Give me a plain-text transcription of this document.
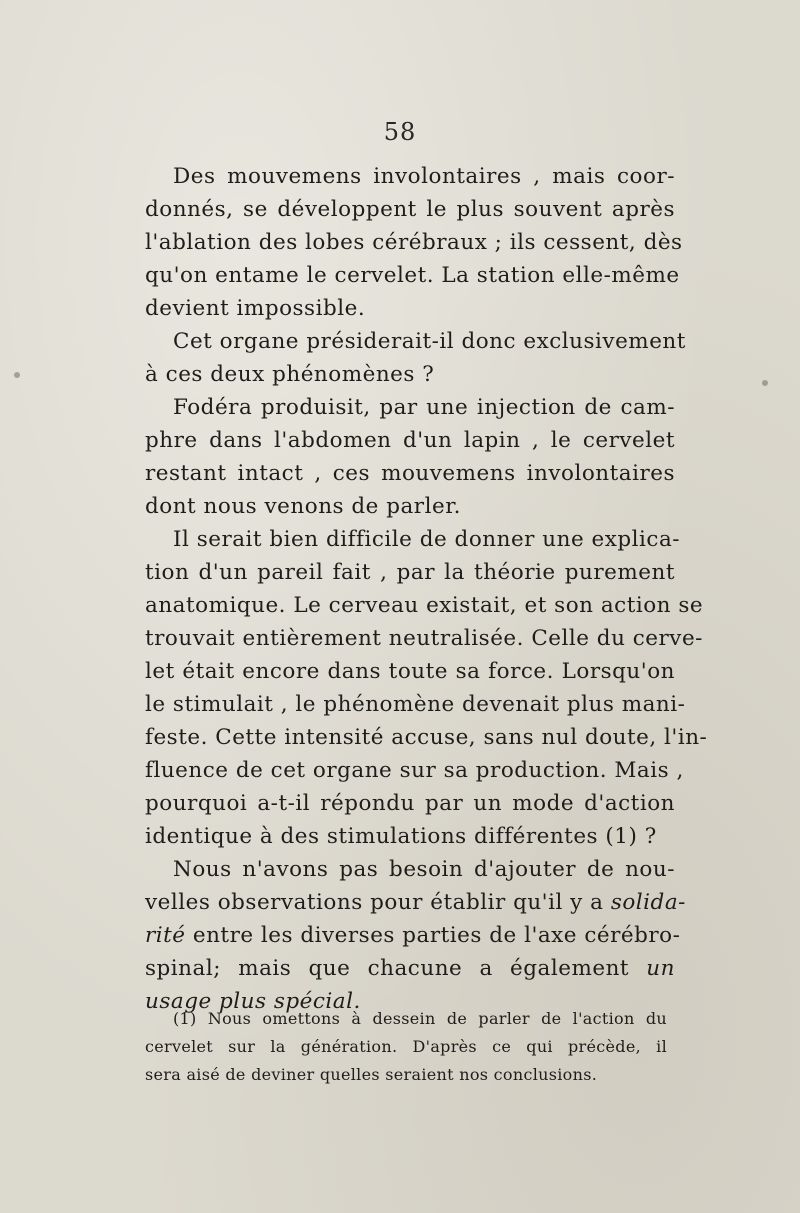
58
Des mouvemens involontaires , mais coor-
donnés, se développent le plus souvent après
l'ablation des lobes cérébraux ; ils cessent, dès
qu'on entame le cervelet. La station elle-même
devient impossible.
Cet organe présiderait-il donc exclusivement
à ces deux phénomènes ?
Fodéra produisit, par une injection de cam-
phre dans l'abdomen d'un lapin , le cervelet
restant intact , ces mouvemens involontaires
dont nous venons de parler.
Il serait bien difficile de donner une explica-
tion d'un pareil fait , par la théorie purement
anatomique. Le cerveau existait, et son action se
trouvait entièrement neutralisée. Celle du cerve-
let était encore dans toute sa force. Lorsqu'on
le stimulait , le phénomène devenait plus mani-
feste. Cette intensité accuse, sans nul doute, l'in-
fluence de cet organe sur sa production. Mais ,
pourquoi a-t-il répondu par un mode d'action
identique à des stimulations différentes (1) ?
Nous n'avons pas besoin d'ajouter de nou-
velles observations pour établir qu'il y a solida-
rité entre les diverses parties de l'axe cérébro-
spinal; mais que chacune a également un
usage plus spécial.
(1) Nous omettons à dessein de parler de l'action du
cervelet sur la génération. D'après ce qui précède, il
sera aisé de deviner quelles seraient nos conclusions.
